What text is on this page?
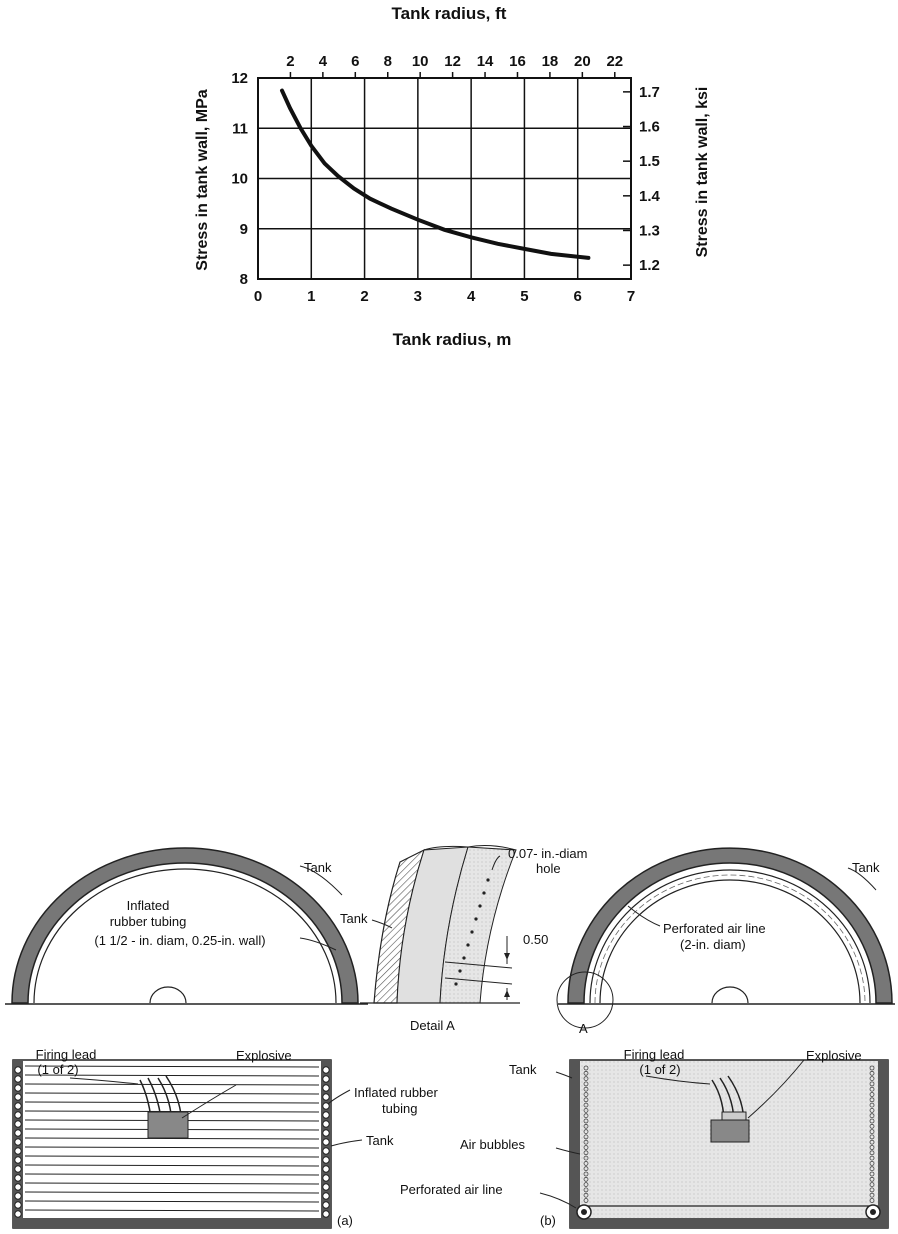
0	1	2	3	4	5	6	7
8
9
10
11
12
2 4 6 8 10 12 14 16 18 20 22
1.2
1.3
1.4
1.5
1.6
1.7
Tank radius, ft
Tank radius, m
Stress in tank wall, MPa	Stress in tank wall, ksi
Tank
Inflated
rubber tubing
(1 1/2 - in. diam, 0.25-in. wall)
Tank
0.07- in.-diam
hole
0.50
Detail A
Tank
Perforated air line
(2-in. diam)
A
Firing lead
(1 of 2)
Explosive
Inflated rubber
tubing
Tank
(a)
Firing lead
(1 of 2)
Explosive
Tank
Air bubbles
Perforated air line
(b)
